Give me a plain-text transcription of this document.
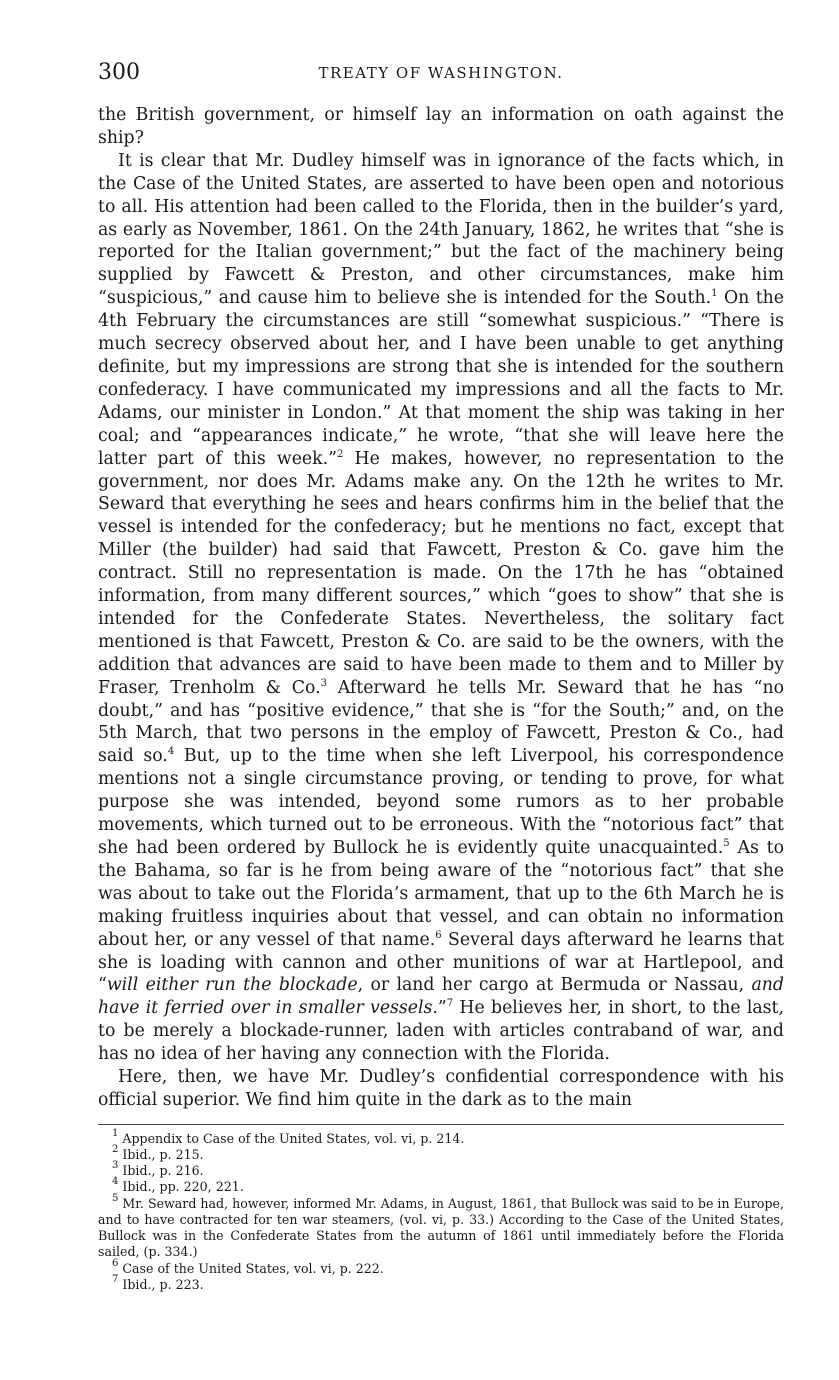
300	TREATY OF WASHINGTON.

the British government, or himself lay an information on oath against the ship?

It is clear that Mr. Dudley himself was in ignorance of the facts which, in the Case of the United States, are asserted to have been open and notorious to all. His attention had been called to the Florida, then in the builder’s yard, as early as November, 1861. On the 24th January, 1862, he writes that “she is reported for the Italian government;” but the fact of the machinery being supplied by Fawcett & Preston, and other circumstances, make him “suspicious,” and cause him to believe she is intended for the South.$^1$ On the 4th February the circumstances are still “somewhat suspicious.” “There is much secrecy observed about her, and I have been unable to get anything definite, but my impressions are strong that she is intended for the southern confederacy. I have communicated my impressions and all the facts to Mr. Adams, our minister in London.” At that moment the ship was taking in her coal; and “appearances indicate,” he wrote, “that she will leave here the latter part of this week.”$^2$ He makes, however, no representation to the government, nor does Mr. Adams make any. On the 12th he writes to Mr. Seward that everything he sees and hears confirms him in the belief that the vessel is intended for the confederacy; but he mentions no fact, except that Miller (the builder) had said that Fawcett, Preston & Co. gave him the contract. Still no representation is made. On the 17th he has “obtained information, from many different sources,” which “goes to show” that she is intended for the Confederate States. Nevertheless, the solitary fact mentioned is that Fawcett, Preston & Co. are said to be the owners, with the addition that advances are said to have been made to them and to Miller by Fraser, Trenholm & Co.$^3$ Afterward he tells Mr. Seward that he has “no doubt,” and has “positive evidence,” that she is “for the South;” and, on the 5th March, that two persons in the employ of Fawcett, Preston & Co., had said so.$^4$ But, up to the time when she left Liverpool, his correspondence mentions not a single circumstance proving, or tending to prove, for what purpose she was intended, beyond some rumors as to her probable movements, which turned out to be erroneous. With the “notorious fact” that she had been ordered by Bullock he is evidently quite unacquainted.$^5$ As to the Bahama, so far is he from being aware of the “notorious fact” that she was about to take out the Florida’s armament, that up to the 6th March he is making fruitless inquiries about that vessel, and can obtain no information about her, or any vessel of that name.$^6$ Several days afterward he learns that she is loading with cannon and other munitions of war at Hartlepool, and “will either run the blockade, or land her cargo at Bermuda or Nassau, and have it ferried over in smaller vessels.”$^7$ He believes her, in short, to the last, to be merely a blockade-runner, laden with articles contraband of war, and has no idea of her having any connection with the Florida.

Here, then, we have Mr. Dudley’s confidential correspondence with his official superior. We find him quite in the dark as to the main

$^1$ Appendix to Case of the United States, vol. vi, p. 214.

$^2$ Ibid., p. 215.

$^3$ Ibid., p. 216.

$^4$ Ibid., pp. 220, 221.

$^5$ Mr. Seward had, however, informed Mr. Adams, in August, 1861, that Bullock was said to be in Europe, and to have contracted for ten war steamers, (vol. vi, p. 33.) According to the Case of the United States, Bullock was in the Confederate States from the autumn of 1861 until immediately before the Florida sailed, (p. 334.)

$^6$ Case of the United States, vol. vi, p. 222.

$^7$ Ibid., p. 223.
